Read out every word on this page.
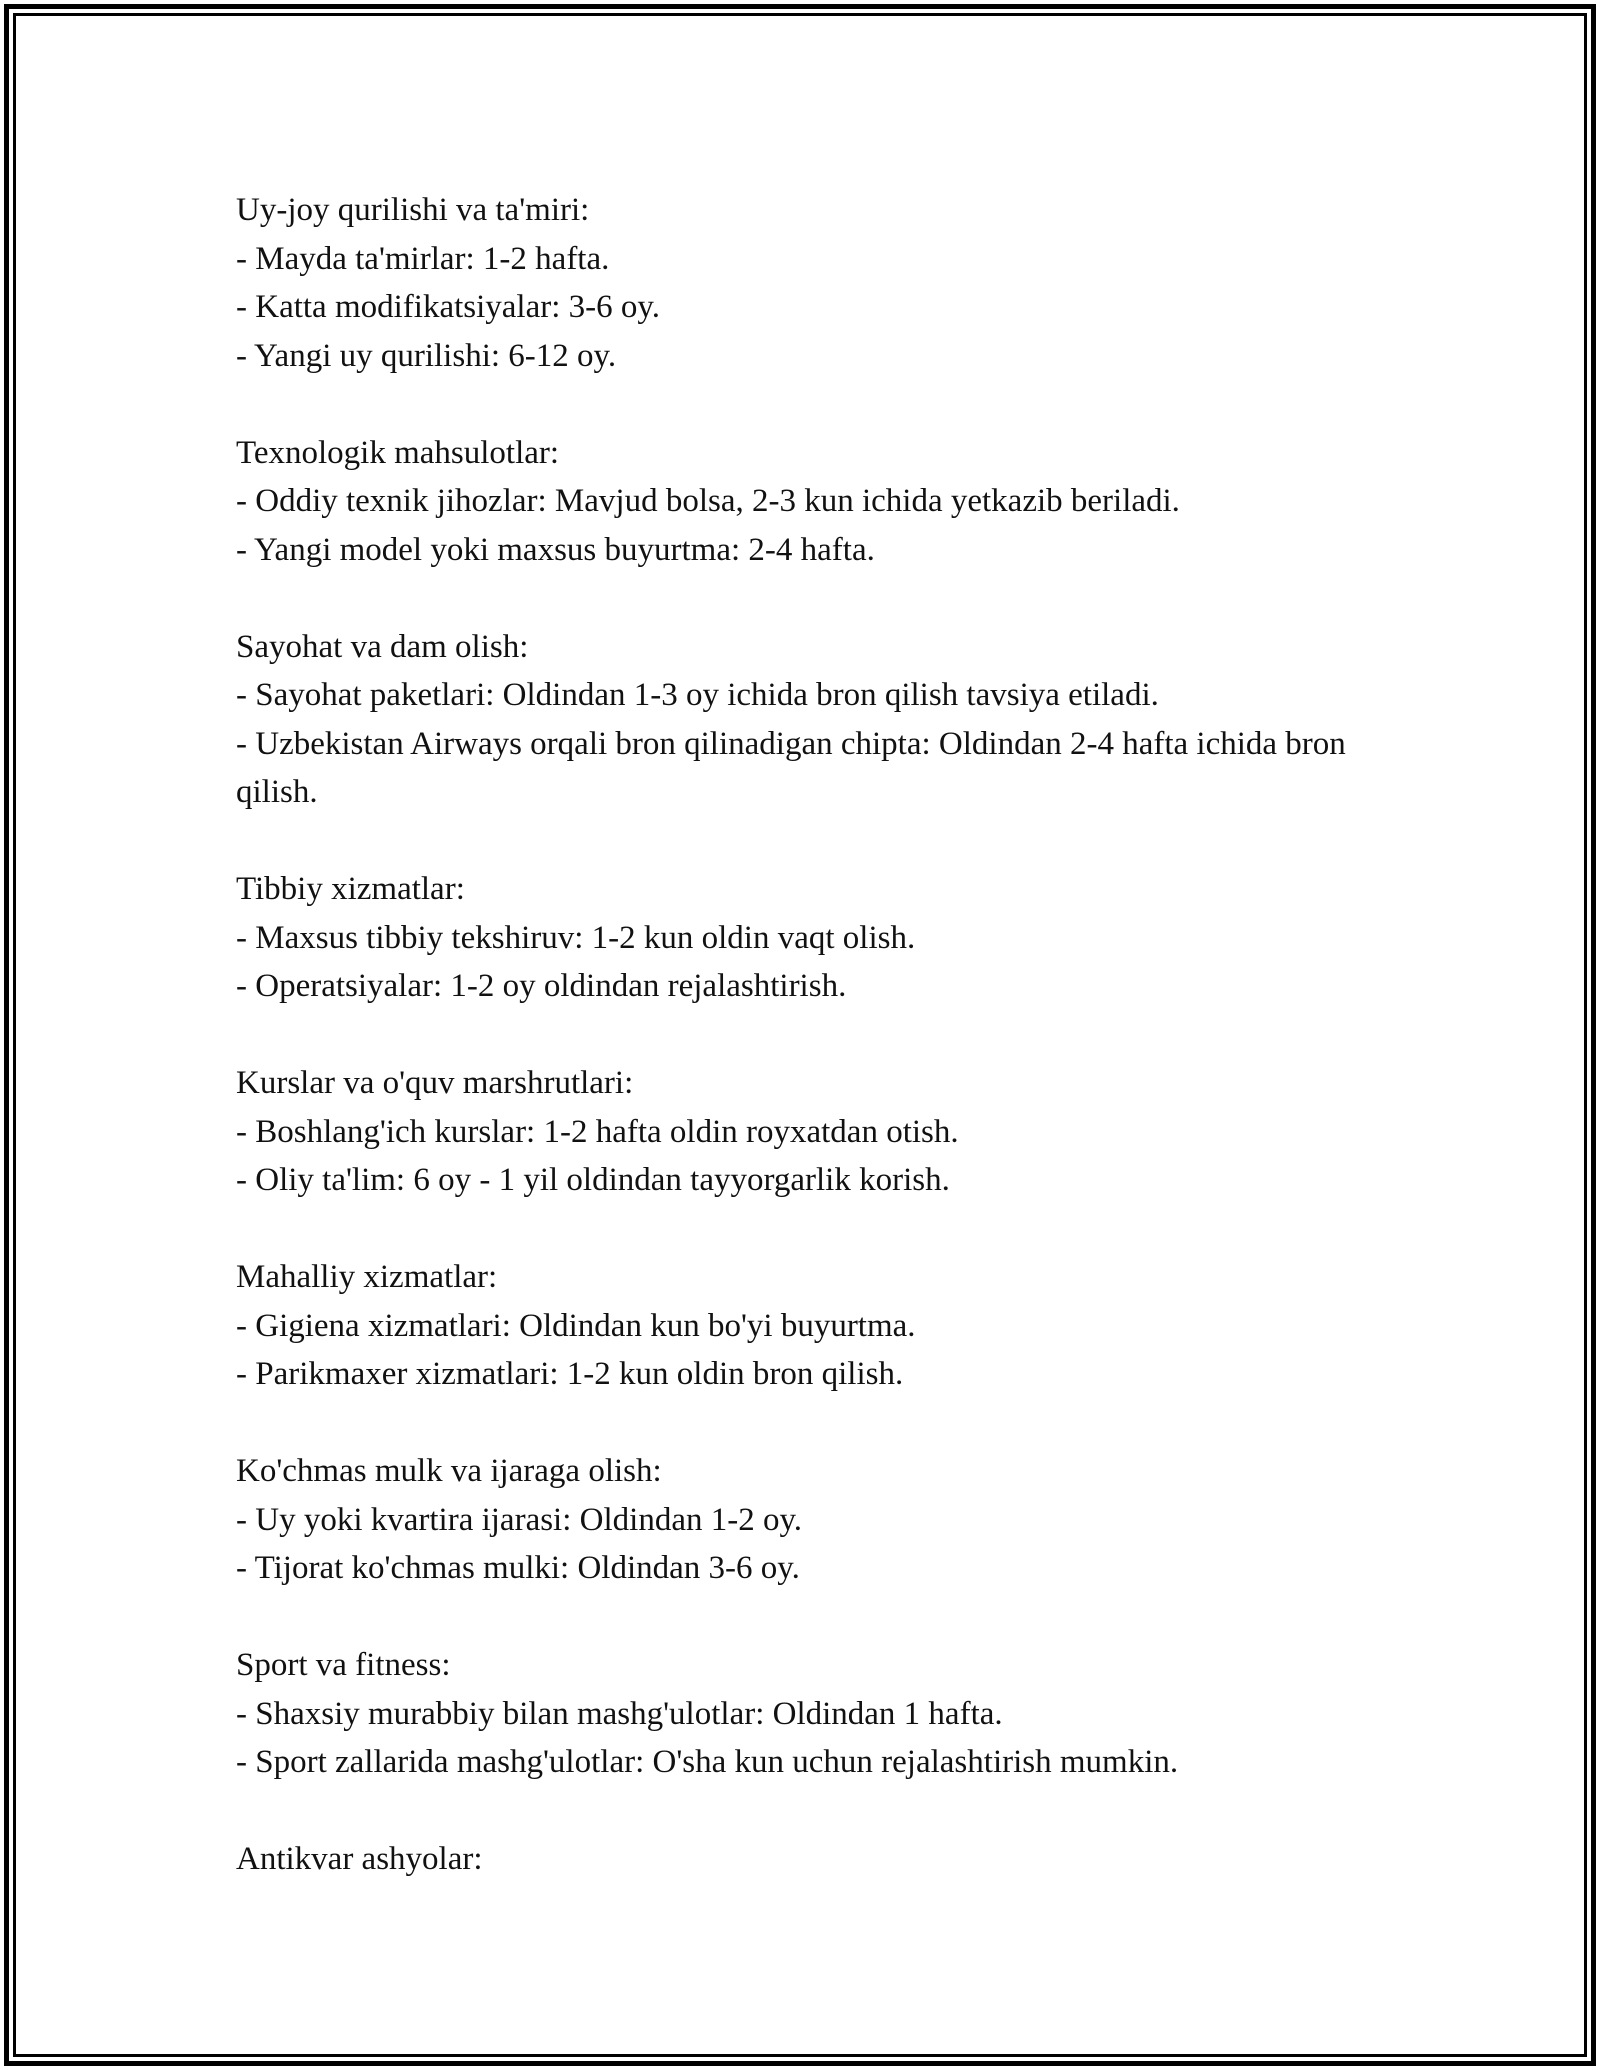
Uy-joy qurilishi va ta'miri:
- Mayda ta'mirlar: 1-2 hafta.
- Katta modifikatsiyalar: 3-6 oy.
- Yangi uy qurilishi: 6-12 oy.
Texnologik mahsulotlar:
- Oddiy texnik jihozlar: Mavjud bolsa, 2-3 kun ichida yetkazib beriladi.
- Yangi model yoki maxsus buyurtma: 2-4 hafta.
Sayohat va dam olish:
- Sayohat paketlari: Oldindan 1-3 oy ichida bron qilish tavsiya etiladi.
- Uzbekistan Airways orqali bron qilinadigan chipta: Oldindan 2-4 hafta ichida bron qilish.
Tibbiy xizmatlar:
- Maxsus tibbiy tekshiruv: 1-2 kun oldin vaqt olish.
- Operatsiyalar: 1-2 oy oldindan rejalashtirish.
Kurslar va o'quv marshrutlari:
- Boshlang'ich kurslar: 1-2 hafta oldin royxatdan otish.
- Oliy ta'lim: 6 oy - 1 yil oldindan tayyorgarlik korish.
Mahalliy xizmatlar:
- Gigiena xizmatlari: Oldindan kun bo'yi buyurtma.
- Parikmaxer xizmatlari: 1-2 kun oldin bron qilish.
Ko'chmas mulk va ijaraga olish:
- Uy yoki kvartira ijarasi: Oldindan 1-2 oy.
- Tijorat ko'chmas mulki: Oldindan 3-6 oy.
Sport va fitness:
- Shaxsiy murabbiy bilan mashg'ulotlar: Oldindan 1 hafta.
- Sport zallarida mashg'ulotlar: O'sha kun uchun rejalashtirish mumkin.
Antikvar ashyolar:
